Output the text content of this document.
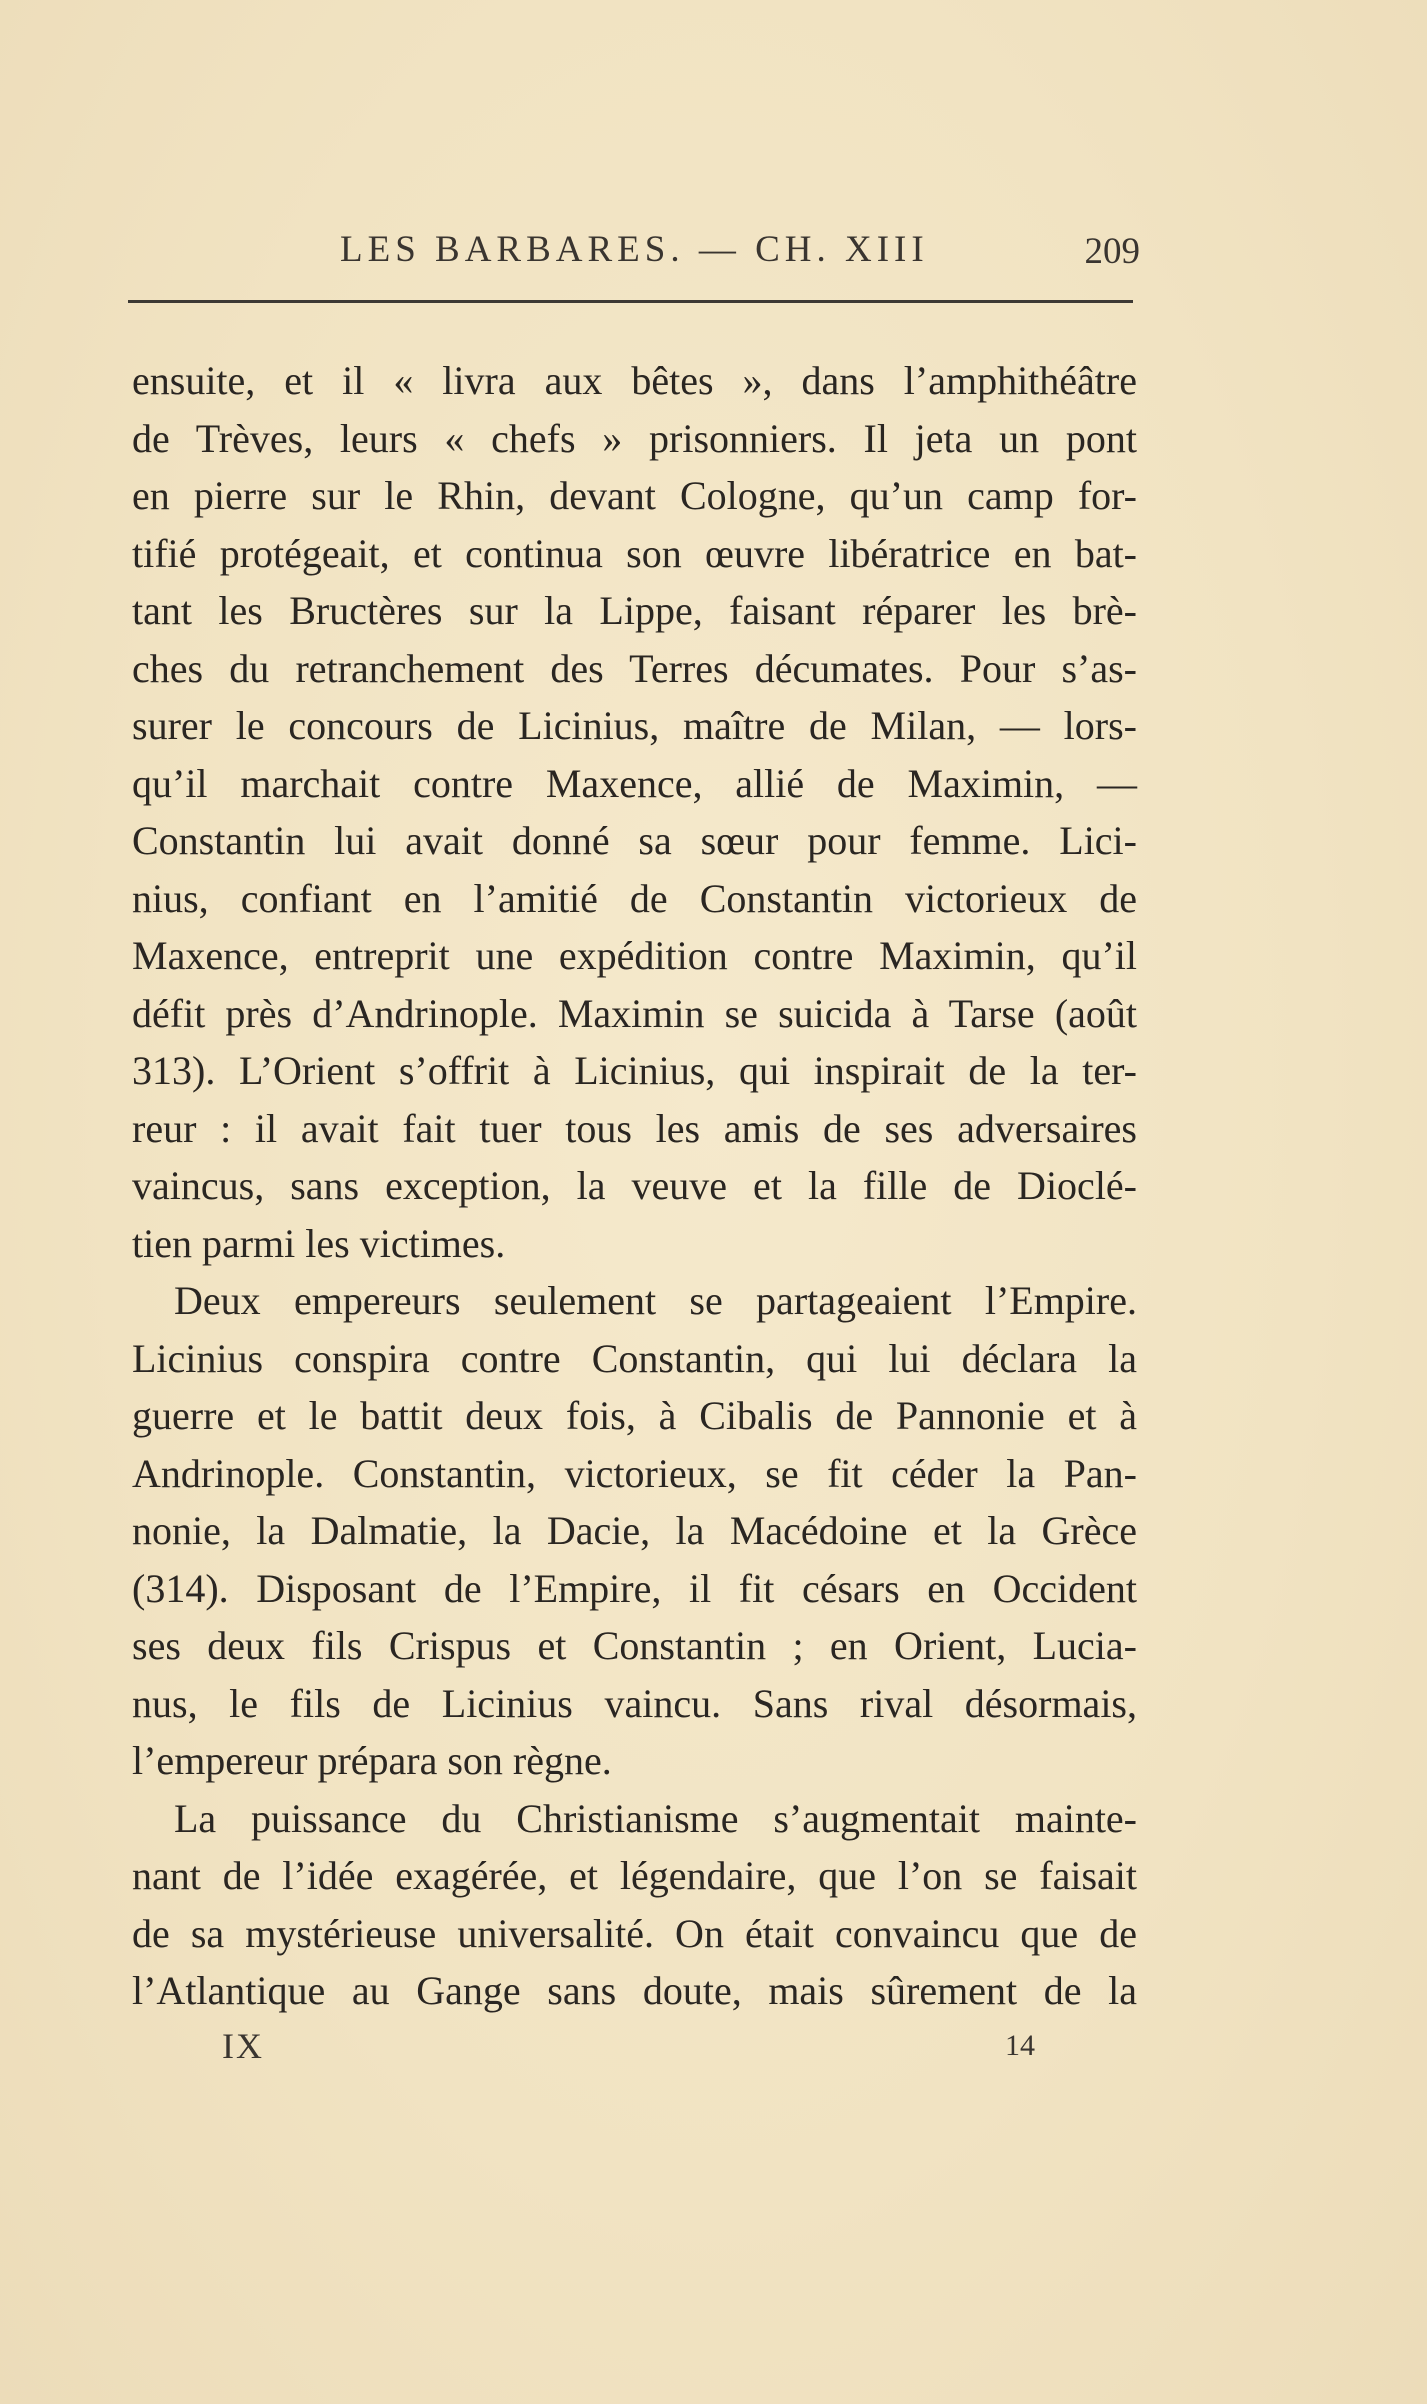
LES BARBARES. — CH. XIII	209
ensuite, et il « livra aux bêtes », dans l’amphithéâtre
de Trèves, leurs « chefs » prisonniers. Il jeta un pont
en pierre sur le Rhin, devant Cologne, qu’un camp for-
tifié protégeait, et continua son œuvre libératrice en bat-
tant les Bructères sur la Lippe, faisant réparer les brè-
ches du retranchement des Terres décumates. Pour s’as-
surer le concours de Licinius, maître de Milan, — lors-
qu’il marchait contre Maxence, allié de Maximin, —
Constantin lui avait donné sa sœur pour femme. Lici-
nius, confiant en l’amitié de Constantin victorieux de
Maxence, entreprit une expédition contre Maximin, qu’il
défit près d’Andrinople. Maximin se suicida à Tarse (août
313). L’Orient s’offrit à Licinius, qui inspirait de la ter-
reur : il avait fait tuer tous les amis de ses adversaires
vaincus, sans exception, la veuve et la fille de Dioclé-
tien parmi les victimes.
Deux empereurs seulement se partageaient l’Empire.
Licinius conspira contre Constantin, qui lui déclara la
guerre et le battit deux fois, à Cibalis de Pannonie et à
Andrinople. Constantin, victorieux, se fit céder la Pan-
nonie, la Dalmatie, la Dacie, la Macédoine et la Grèce
(314). Disposant de l’Empire, il fit césars en Occident
ses deux fils Crispus et Constantin ; en Orient, Lucia-
nus, le fils de Licinius vaincu. Sans rival désormais,
l’empereur prépara son règne.
La puissance du Christianisme s’augmentait mainte-
nant de l’idée exagérée, et légendaire, que l’on se faisait
de sa mystérieuse universalité. On était convaincu que de
l’Atlantique au Gange sans doute, mais sûrement de la
IX	14
